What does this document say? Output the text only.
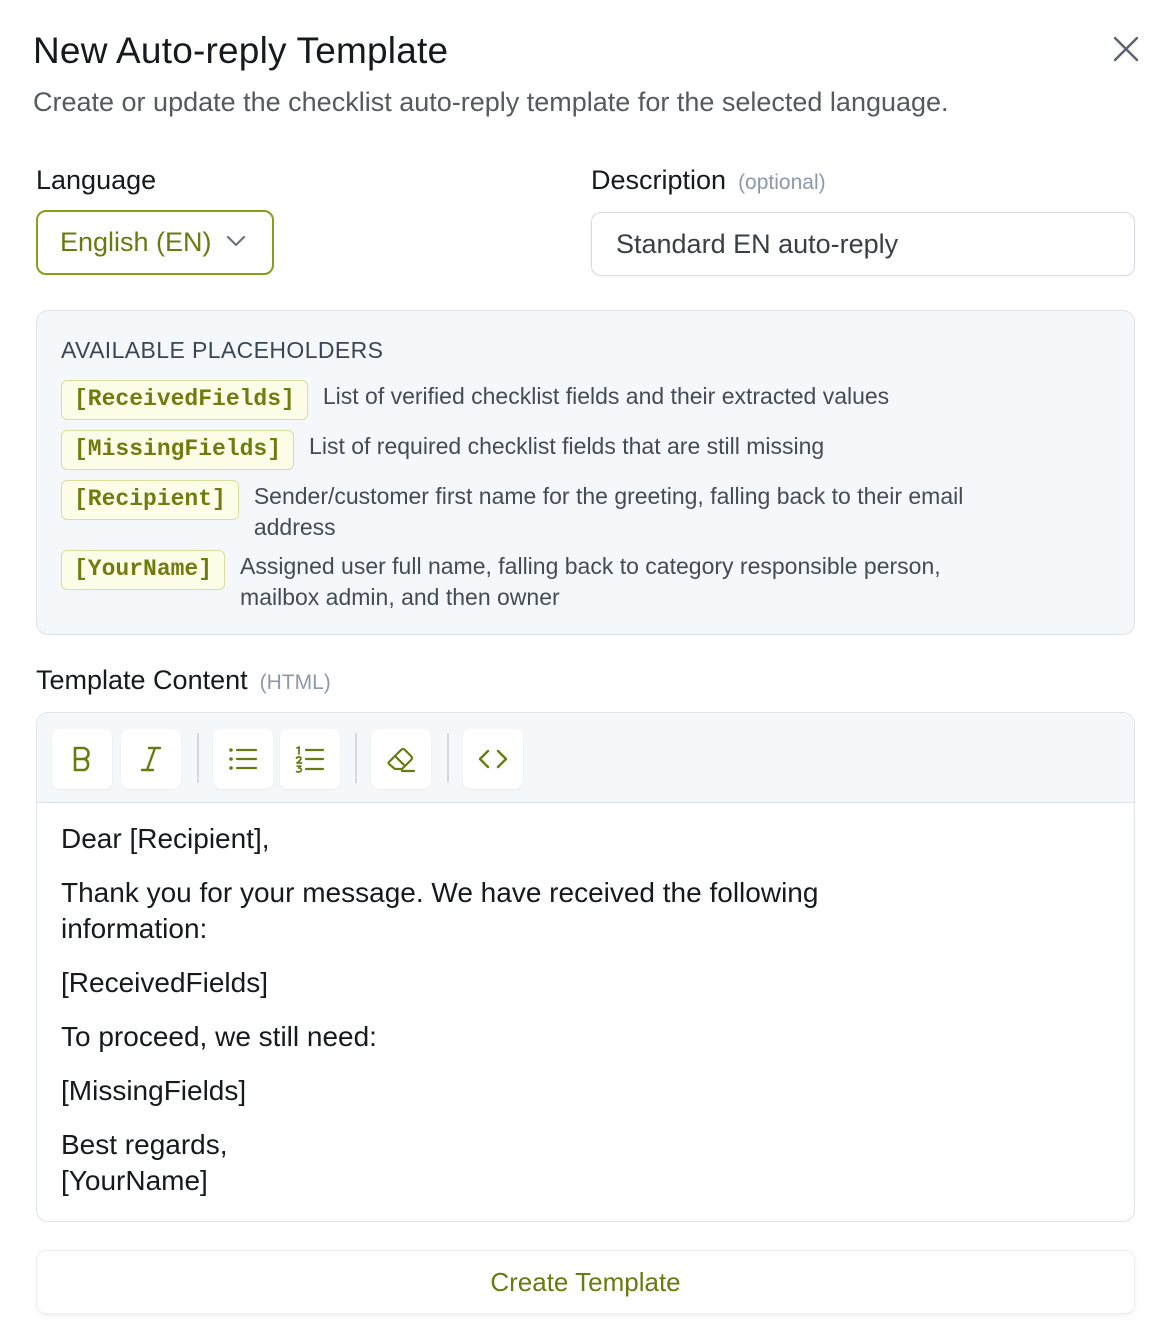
New Auto-reply Template
Create or update the checklist auto-reply template for the selected language.
Language
English (EN)
Description (optional)
Standard EN auto-reply
AVAILABLE PLACEHOLDERS
[ReceivedFields]	List of verified checklist fields and their extracted values
[MissingFields]	List of required checklist fields that are still missing
[Recipient]	Sender/customer first name for the greeting, falling back to their email address
[YourName]	Assigned user full name, falling back to category responsible person, mailbox admin, and then owner
Template Content (HTML)

Dear [Recipient],

Thank you for your message. We have received the following
information:

[ReceivedFields]

To proceed, we still need:

[MissingFields]

Best regards,
[YourName]

Create Template
